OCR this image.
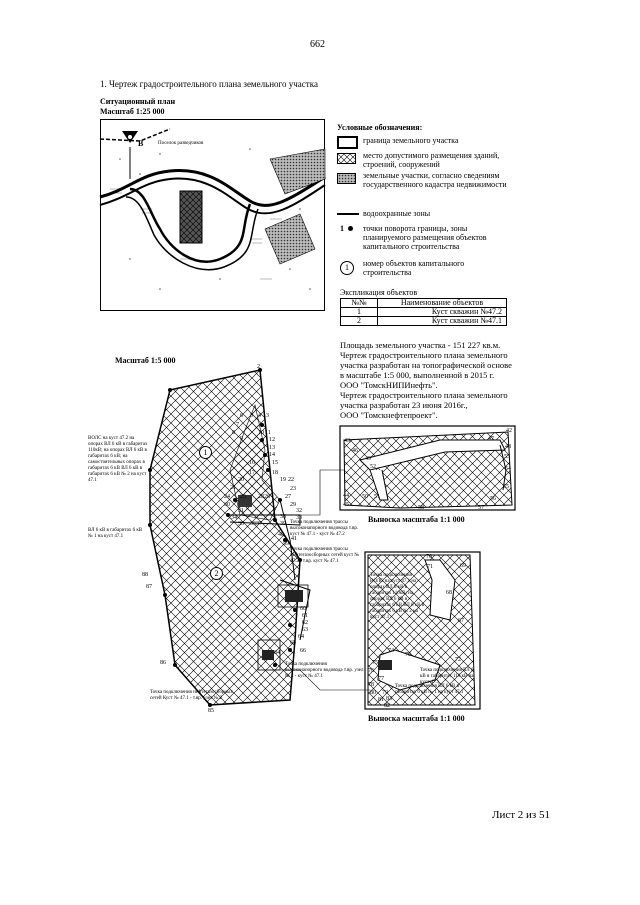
662
1. Чертеж градостроительного плана земельного участка
Ситуационный план
Масштаб 1:25 000
В	Поселок разведчиков
Условные обозначения:
граница земельного участка
место допустимого размещения зданий, строений, сооружений
земельные участки, согласно сведениям государственного кадастра недвижимости
водоохранные зоны
1 точки поворота границы, зоны планируемого размещения объектов капитального строительства
1	номер объектов капитального строительства
Экспликация объектов
№№	Наименование объектов
1	Куст скважин №47.2
2	Куст скважин №47.1
Площадь земельного участка - 151 227 кв.м.
Чертеж градостроительного плана земельного
участка разработан на топографической основе
в масштабе 1:5 000, выполненной в 2015 г.
ООО "ТомскНИПИнефть".
Чертеж градостроительного плана земельного
участка разработан 23 июня 2016г.,
ООО "Томскнефтепроект".
Масштаб 1:5 000
1
2
2
3
4
5
6
7
8
9
10 11
12
13
14
15
16
17	18
19
20
21
22
23
24 25	26	27
28
29
30
31	32
33
34
35 36 37
38
39
40
41
59
60
61
62
63
64
65
66
84
85
86
87
88
ВОЛС на куст 47.2 на опорах ВЛ 6 кВ в габаритах 110кВ; на опорах ВЛ 6 кВ в габаритах 6 кВ; на самостоятельных опорах в габаритах 6 кВ ВЛ 6 кВ в габаритах 6 кВ № 2 на куст 47.1
ВЛ 6 кВ в габаритах 6 кВ № 1 на куст 47.1
Точка подключения трассы высоконапорного водовода т.вр. куст № 47.1 - куст № 47.2
Точка подключения трассы нефтегазосборных сетей куст № 47.2 - т.вр. куст № 47.1
Точка подключения высоконапорного водовода т.вр. узел № 3 - куст № 47.1
Точка подключения нефтегазосборных сетей Куст № 47.1 - т.вр. узел № 2
42
43
44
45
46
47
48
49
50 51
52
53
54
55
56
57
58
Выноска масштаба 1:1 000
67
68
69
70
71
72
73
74
75
76
77
78
79
80
81
82
83
Точка подключения ВОЛС на куст 47.1 на опорах ВЛ 6 кВ в габаритах 110кВ; на опорах ВЛ 6 кВ в габаритах 6 кВ ВЛ 6 кВ в габаритах 6 кВ № 2 на куст 47.1
Точка подключения ВЛ 6 кВ в габаритах 110 кВ на куст 47.1
Точка подключения ВЛ 6 кВ в габаритах 6 кВ № 1 на куст 47.1
Выноска масштаба 1:1 000
Лист 2 из 51
